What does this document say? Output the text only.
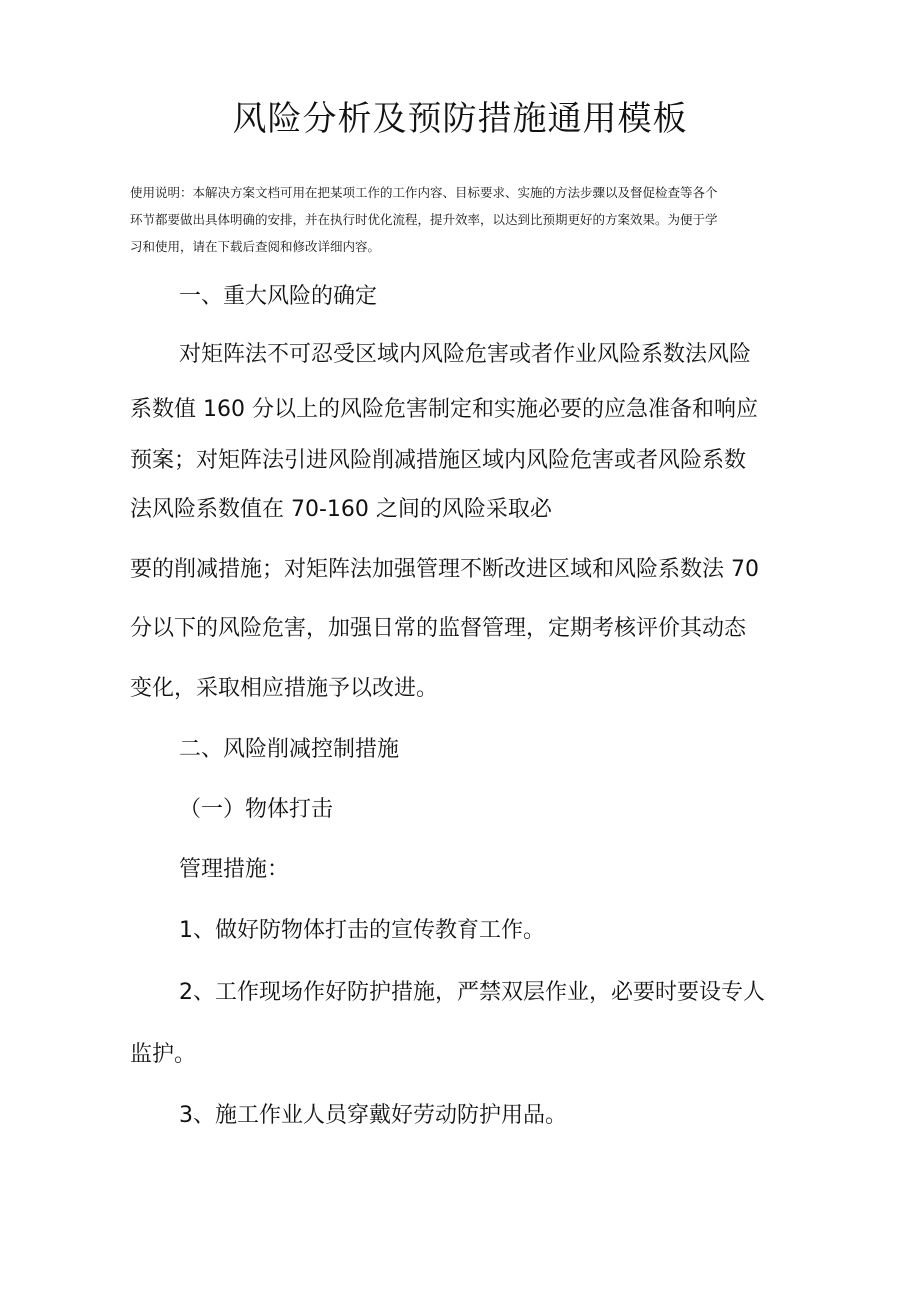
风险分析及预防措施通用模板
使用说明：本解决方案文档可用在把某项工作的工作内容、目标要求、实施的方法步骤以及督促检查等各个
环节都要做出具体明确的安排，并在执行时优化流程，提升效率，以达到比预期更好的方案效果。为便于学
习和使用，请在下载后查阅和修改详细内容。
一、重大风险的确定
对矩阵法不可忍受区域内风险危害或者作业风险系数法风险
系数值 160 分以上的风险危害制定和实施必要的应急准备和响应
预案；对矩阵法引进风险削减措施区域内风险危害或者风险系数
法风险系数值在 70-160 之间的风险采取必
要的削减措施；对矩阵法加强管理不断改进区域和风险系数法 70
分以下的风险危害，加强日常的监督管理，定期考核评价其动态
变化，采取相应措施予以改进。
二、风险削减控制措施
（一）物体打击
管理措施：
1、做好防物体打击的宣传教育工作。
2、工作现场作好防护措施，严禁双层作业，必要时要设专人
监护。
3、施工作业人员穿戴好劳动防护用品。
